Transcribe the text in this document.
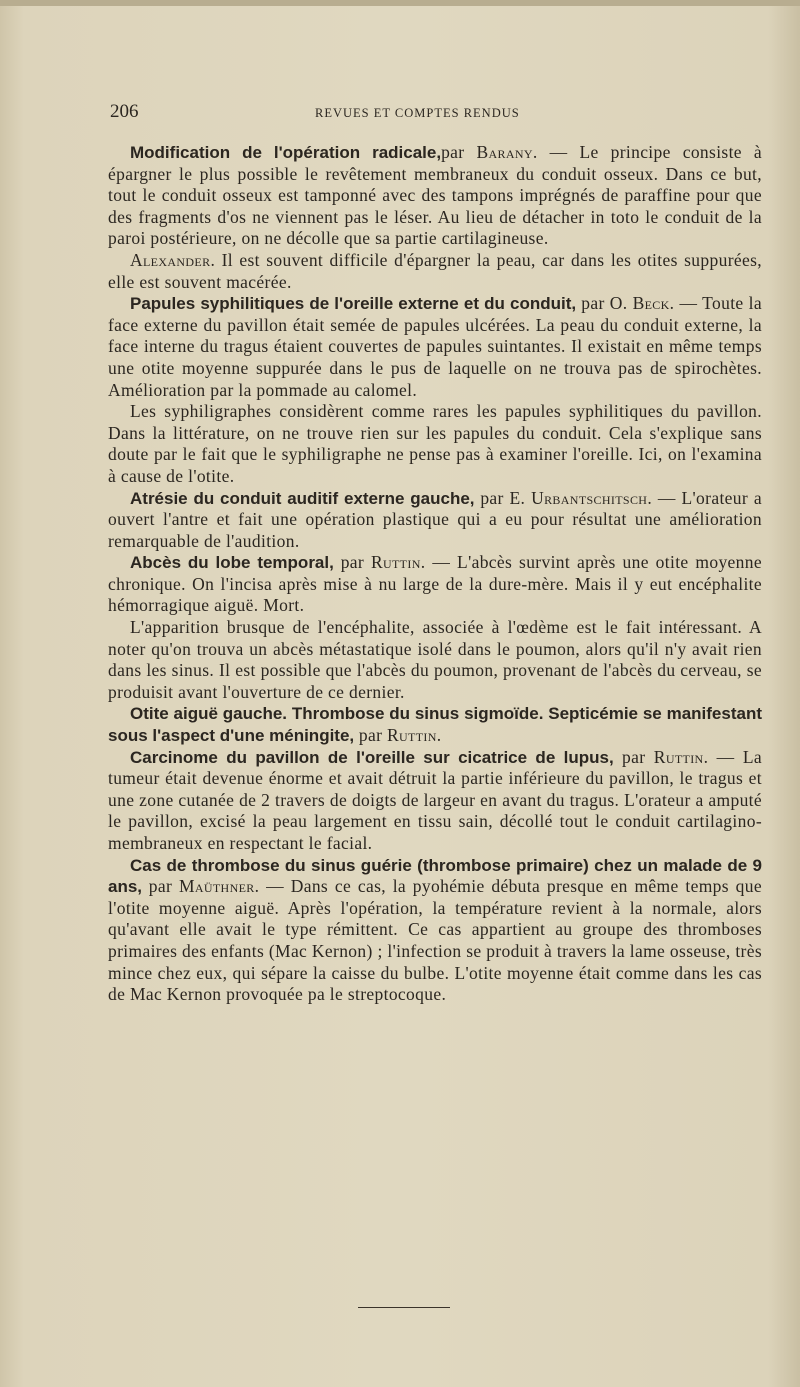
206	REVUES ET COMPTES RENDUS

Modification de l'opération radicale,par Barany. — Le principe consiste à épargner le plus possible le revêtement membraneux du conduit osseux. Dans ce but, tout le conduit osseux est tamponné avec des tampons imprégnés de paraffine pour que des fragments d'os ne viennent pas le léser. Au lieu de détacher in toto le conduit de la paroi postérieure, on ne décolle que sa partie cartilagineuse.

Alexander. Il est souvent difficile d'épargner la peau, car dans les otites suppurées, elle est souvent macérée.

Papules syphilitiques de l'oreille externe et du conduit, par O. Beck. — Toute la face externe du pavillon était semée de papules ulcérées. La peau du conduit externe, la face interne du tragus étaient couvertes de papules suintantes. Il existait en même temps une otite moyenne suppurée dans le pus de laquelle on ne trouva pas de spirochètes. Amélioration par la pommade au calomel.

Les syphiligraphes considèrent comme rares les papules syphilitiques du pavillon. Dans la littérature, on ne trouve rien sur les papules du conduit. Cela s'explique sans doute par le fait que le syphiligraphe ne pense pas à examiner l'oreille. Ici, on l'examina à cause de l'otite.

Atrésie du conduit auditif externe gauche, par E. Urbantschitsch. — L'orateur a ouvert l'antre et fait une opération plastique qui a eu pour résultat une amélioration remarquable de l'audition.

Abcès du lobe temporal, par Ruttin. — L'abcès survint après une otite moyenne chronique. On l'incisa après mise à nu large de la dure-mère. Mais il y eut encéphalite hémorragique aiguë. Mort.

L'apparition brusque de l'encéphalite, associée à l'œdème est le fait intéressant. A noter qu'on trouva un abcès métastatique isolé dans le poumon, alors qu'il n'y avait rien dans les sinus. Il est possible que l'abcès du poumon, provenant de l'abcès du cerveau, se produisit avant l'ouverture de ce dernier.

Otite aiguë gauche. Thrombose du sinus sigmoïde. Septicémie se manifestant sous l'aspect d'une méningite, par Ruttin.

Carcinome du pavillon de l'oreille sur cicatrice de lupus, par Ruttin. — La tumeur était devenue énorme et avait détruit la partie inférieure du pavillon, le tragus et une zone cutanée de 2 travers de doigts de largeur en avant du tragus. L'orateur a amputé le pavillon, excisé la peau largement en tissu sain, décollé tout le conduit cartilagino-membraneux en respectant le facial.

Cas de thrombose du sinus guérie (thrombose primaire) chez un malade de 9 ans, par Maüthner. — Dans ce cas, la pyohémie débuta presque en même temps que l'otite moyenne aiguë. Après l'opération, la température revient à la normale, alors qu'avant elle avait le type rémittent. Ce cas appartient au groupe des thromboses primaires des enfants (Mac Kernon) ; l'infection se produit à travers la lame osseuse, très mince chez eux, qui sépare la caisse du bulbe. L'otite moyenne était comme dans les cas de Mac Kernon provoquée pa le streptocoque.
